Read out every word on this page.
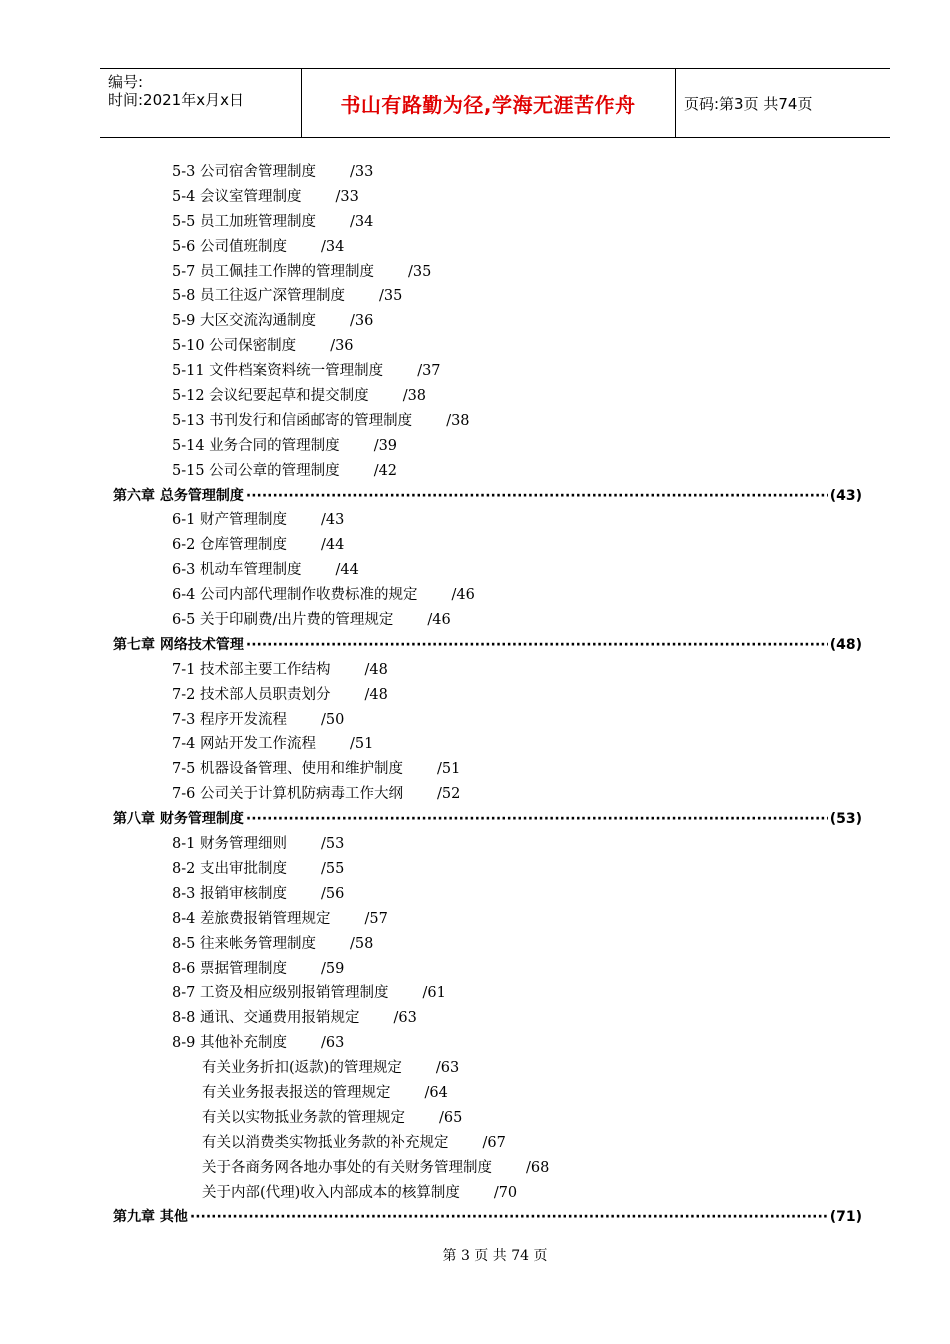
编号:
时间:2021年x月x日	书山有路勤为径,学海无涯苦作舟	页码:第3页 共74页
5-3 公司宿舍管理制度 /33
5-4 会议室管理制度 /33
5-5 员工加班管理制度 /34
5-6 公司值班制度 /34
5-7 员工佩挂工作牌的管理制度 /35
5-8 员工往返广深管理制度 /35
5-9 大区交流沟通制度 /36
5-10 公司保密制度 /36
5-11 文件档案资料统一管理制度 /37
5-12 会议纪要起草和提交制度 /38
5-13 书刊发行和信函邮寄的管理制度 /38
5-14 业务合同的管理制度 /39
5-15 公司公章的管理制度 /42
第六章 总务管理制度 ·····	(43)
6-1 财产管理制度 /43
6-2 仓库管理制度 /44
6-3 机动车管理制度 /44
6-4 公司内部代理制作收费标准的规定 /46
6-5 关于印刷费/出片费的管理规定 /46
第七章 网络技术管理 ·····	(48)
7-1 技术部主要工作结构 /48
7-2 技术部人员职责划分 /48
7-3 程序开发流程 /50
7-4 网站开发工作流程 /51
7-5 机器设备管理、使用和维护制度 /51
7-6 公司关于计算机防病毒工作大纲 /52
第八章 财务管理制度 ·····	(53)
8-1 财务管理细则 /53
8-2 支出审批制度 /55
8-3 报销审核制度 /56
8-4 差旅费报销管理规定 /57
8-5 往来帐务管理制度 /58
8-6 票据管理制度 /59
8-7 工资及相应级别报销管理制度 /61
8-8 通讯、交通费用报销规定 /63
8-9 其他补充制度 /63
有关业务折扣(返款)的管理规定 /63
有关业务报表报送的管理规定 /64
有关以实物抵业务款的管理规定 /65
有关以消费类实物抵业务款的补充规定 /67
关于各商务网各地办事处的有关财务管理制度 /68
关于内部(代理)收入内部成本的核算制度 /70
第九章 其他 ·····	(71)
第 3 页 共 74 页
